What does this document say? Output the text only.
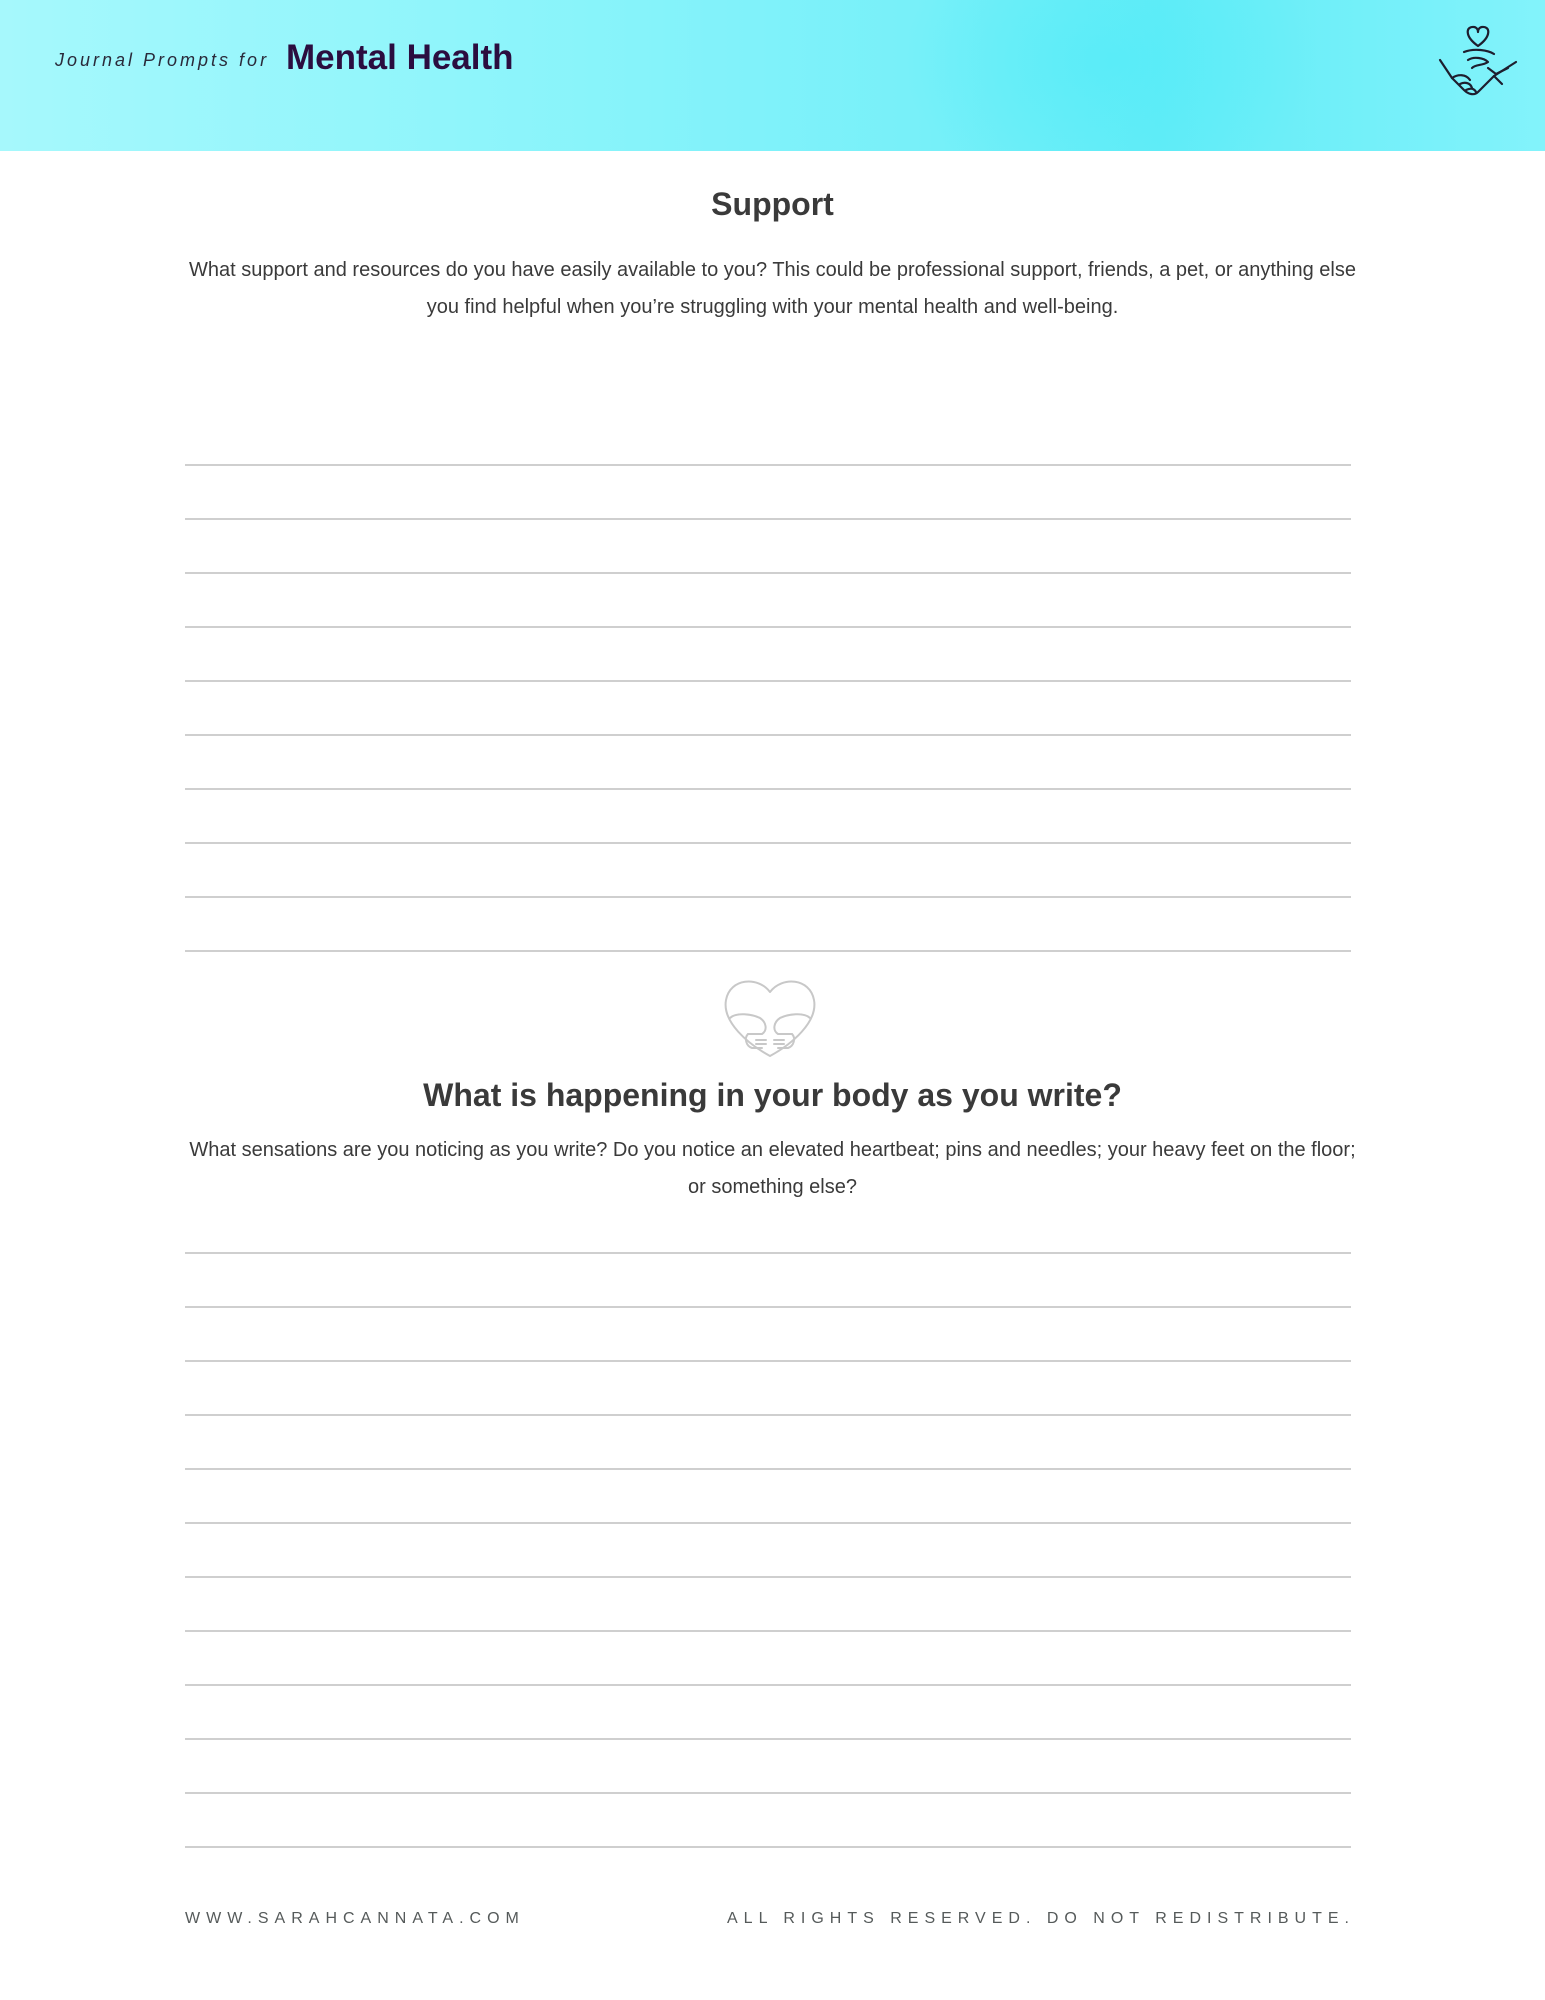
Journal Prompts for Mental Health
Support
What support and resources do you have easily available to you? This could be professional support, friends, a pet, or anything else you find helpful when you’re struggling with your mental health and well-being.
What is happening in your body as you write?
What sensations are you noticing as you write? Do you notice an elevated heartbeat; pins and needles; your heavy feet on the floor; or something else?
WWW.SARAHCANNATA.COM	ALL RIGHTS RESERVED. DO NOT REDISTRIBUTE.
